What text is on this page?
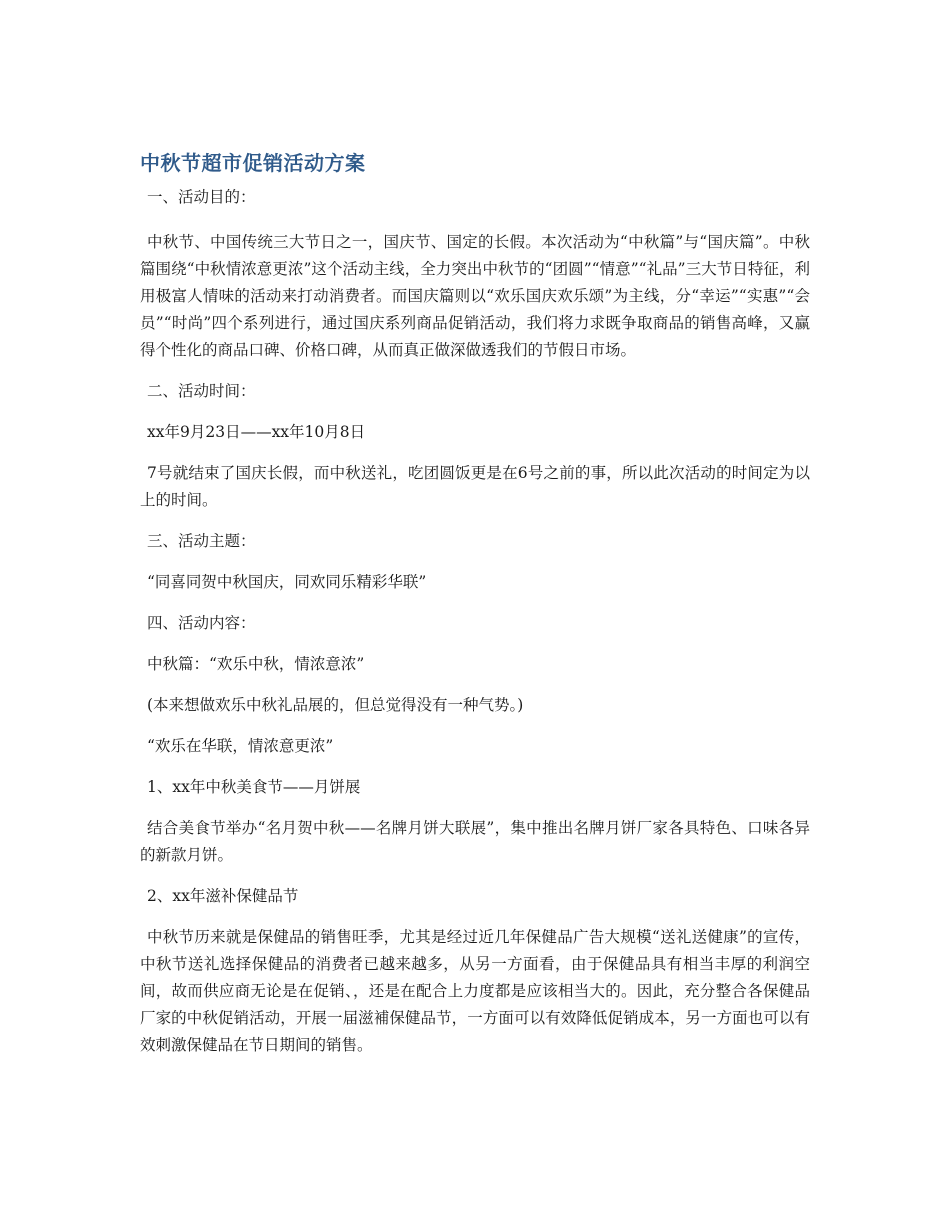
中秋节超市促销活动方案

一、活动目的：

中秋节、中国传统三大节日之一，国庆节、国定的长假。本次活动为“中秋篇”与“国庆篇”。中秋篇围绕“中秋情浓意更浓”这个活动主线，全力突出中秋节的“团圆”“情意”“礼品”三大节日特征，利用极富人情味的活动来打动消费者。而国庆篇则以“欢乐国庆欢乐颂”为主线，分“幸运”“实惠”“会员”“时尚”四个系列进行，通过国庆系列商品促销活动，我们将力求既争取商品的销售高峰，又赢得个性化的商品口碑、价格口碑，从而真正做深做透我们的节假日市场。

二、活动时间：

xx年9月23日——xx年10月8日

7号就结束了国庆长假，而中秋送礼，吃团圆饭更是在6号之前的事，所以此次活动的时间定为以上的时间。

三、活动主题：

“同喜同贺中秋国庆，同欢同乐精彩华联”

四、活动内容：

中秋篇：“欢乐中秋，情浓意浓”

(本来想做欢乐中秋礼品展的，但总觉得没有一种气势。)

“欢乐在华联，情浓意更浓”

1、xx年中秋美食节——月饼展

结合美食节举办“名月贺中秋——名牌月饼大联展”，集中推出名牌月饼厂家各具特色、口味各异的新款月饼。

2、xx年滋补保健品节

中秋节历来就是保健品的销售旺季，尤其是经过近几年保健品广告大规模“送礼送健康”的宣传，中秋节送礼选择保健品的消费者已越来越多，从另一方面看，由于保健品具有相当丰厚的利润空间，故而供应商无论是在促销、，还是在配合上力度都是应该相当大的。因此，充分整合各保健品厂家的中秋促销活动，开展一届滋補保健品节，一方面可以有效降低促销成本，另一方面也可以有效刺激保健品在节日期间的销售。
